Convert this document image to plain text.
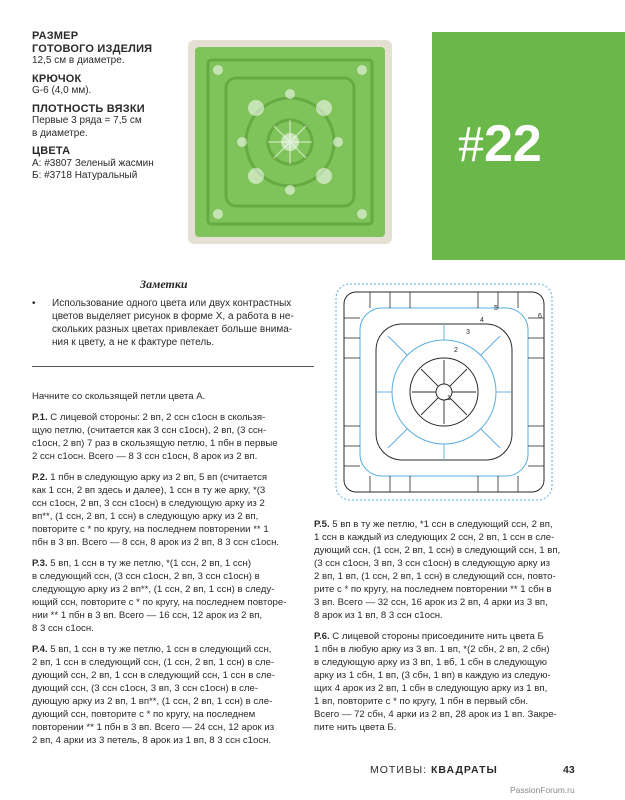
РАЗМЕР
ГОТОВОГО ИЗДЕЛИЯ
12,5 см в диаметре.
КРЮЧОК
G-6 (4,0 мм).
ПЛОТНОСТЬ ВЯЗКИ
Первые 3 ряда = 7,5 см
в диаметре.
ЦВЕТА
А: #3807 Зеленый жасмин
Б: #3718 Натуральный
#22
Заметки
• Использование одного цвета или двух контрастных
цветов выделяет рисунок в форме Х, а работа в не-
скольких разных цветах привлекает больше внима-
ния к цвету, а не к фактуре петель.

Начните со скользящей петли цвета А.

Р.1. С лицевой стороны: 2 вп, 2 ссн с1осн в скользя-
щую петлю, (считается как 3 ссн с1осн), 2 вп, (3 ссн-
с1осн, 2 вп) 7 раз в скользящую петлю, 1 пбн в первые
2 ссн с1осн. Всего — 8 3 ссн с1осн, 8 арок из 2 вп.

Р.2. 1 пбн в следующую арку из 2 вп, 5 вп (считается
как 1 ссн, 2 вп здесь и далее), 1 ссн в ту же арку, *(3
ссн с1осн, 2 вп, 3 ссн с1осн) в следующую арку из 2
вп**, (1 ссн, 2 вп, 1 ссн) в следующую арку из 2 вп,
повторите с * по кругу, на последнем повторении ** 1
пбн в 3 вп. Всего — 8 ссн, 8 арок из 2 вп, 8 3 ссн с1осн.

Р.3. 5 вп, 1 ссн в ту же петлю, *(1 ссн, 2 вп, 1 ссн)
в следующий ссн, (3 ссн с1осн, 2 вп, 3 ссн с1осн) в
следующую арку из 2 вп**, (1 ссн, 2 вп, 1 ссн) в следу-
ющий ссн, повторите с * по кругу, на последнем повторе-
нии ** 1 пбн в 3 вп. Всего — 16 ссн, 12 арок из 2 вп,
8 3 ссн с1осн.

Р.4. 5 вп, 1 ссн в ту же петлю, 1 ссн в следующий ссн,
2 вп, 1 ссн в следующий ссн, (1 ссн, 2 вп, 1 ссн) в сле-
дующий ссн, 2 вп, 1 ссн в следующий ссн, 1 ссн в сле-
дующий ссн, (3 ссн с1осн, 3 вп, 3 ссн с1осн) в сле-
дующую арку из 2 вп, 1 вп**, (1 ссн, 2 вп, 1 ссн) в сле-
дующий ссн, повторите с * по кругу, на последнем
повторении ** 1 пбн в 3 вп. Всего — 24 ссн, 12 арок из
2 вп, 4 арки из 3 петель, 8 арок из 1 вп, 8 3 ссн с1осн.

1
2
3
4
5
6

Р.5. 5 вп в ту же петлю, *1 ссн в следующий ссн, 2 вп,
1 ссн в каждый из следующих 2 ссн, 2 вп, 1 ссн в сле-
дующий ссн, (1 ссн, 2 вп, 1 ссн) в следующий ссн, 1 вп,
(3 ссн с1осн, 3 вп, 3 ссн с1осн) в следующую арку из
2 вп, 1 вп, (1 ссн, 2 вп, 1 ссн) в следующий ссн, повто-
рите с * по кругу, на последнем повторении ** 1 сбн в
3 вп. Всего — 32 ссн, 16 арок из 2 вп, 4 арки из 3 вп,
8 арок из 1 вп, 8 3 ссн с1осн.

Р.6. С лицевой стороны присоедините нить цвета Б
1 пбн в любую арку из 3 вп. 1 вп, *(2 сбн, 2 вп, 2 сбн)
в следующую арку из 3 вп, 1 вб, 1 сбн в следующую
арку из 1 сбн, 1 вп, (3 сбн, 1 вп) в каждую из следую-
щих 4 арок из 2 вп, 1 сбн в следующую арку из 1 вп,
1 вп, повторите с * по кругу, 1 пбн в первый сбн.
Всего — 72 сбн, 4 арки из 2 вп, 28 арок из 1 вп. Закре-
пите нить цвета Б.

МОТИВЫ: КВАДРАТЫ	43
PassionForum.ru
